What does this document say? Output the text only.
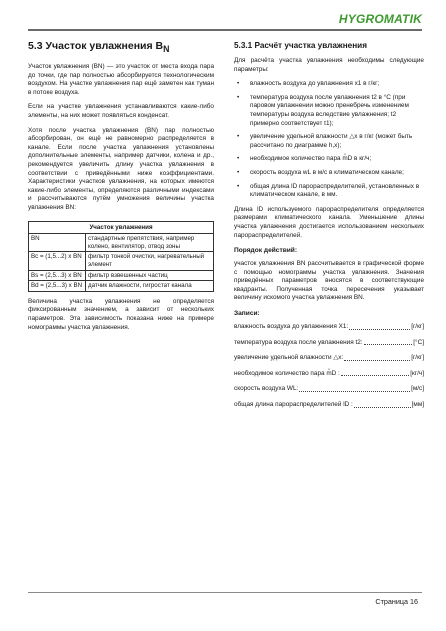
HYGROMATIK
5.3 Участок увлажнения $B_N$

Участок увлажнения (BN) — это участок от места входа пара до точки, где пар полностью абсорбируется технологическим воздухом. На участке увлажнения пар ещё заметен как туман в потоке воздуха.

Если на участке увлажнения устанавливаются какие-либо элементы, на них может появляться конденсат.

Хотя после участка увлажнения (BN) пар полностью абсорбирован, он ещё не равномерно распределяется в канале. Если после участка увлажнения установлены дополнительные элементы, например датчики, колена и др., рекомендуется увеличить длину участка увлажнения в соответствии с приведёнными ниже коэффициентами. Характеристики участков увлажнения, на которых имеются какие-либо элементы, определяются различными индексами и рассчитываются путём умножения величины участка увлажнения BN:

Участок увлажнения	
BN	стандартные препятствия, например колено, вентилятор, отвод зоны
Bc = (1,5...2) x BN	фильтр тонкой очистки, нагревательный элемент
Bs = (2,5...3) x BN	фильтр взвешенных частиц
Bd = (2,5...3) x BN	датчик влажности, гигростат канала

Величина участка увлажнения не определяется фиксированным значением, а зависит от нескольких параметров. Эта зависимость показана ниже на примере номограммы участка увлажнения.

5.3.1 Расчёт участка увлажнения

Для расчёта участка увлажнения необходимы следующие параметры:

• влажность воздуха до увлажнения x1 в г/кг;
• температура воздуха после увлажнения t2 в °C (при паровом увлажнении можно пренебречь изменением температуры воздуха вследствие увлажнения; t2 примерно соответствует t1);
• увеличение удельной влажности △x в г/кг (может быть рассчитано по диаграмме h,x);
• необходимое количество пара m̊D в кг/ч;
• скорость воздуха wL в м/с в климатическом канале;
• общая длина lD парораспределителей, установленных в климатическом канале, в мм.

Длина lD используемого парораспределителя определяется размерами климатического канала. Уменьшение длины участка увлажнения достигается использованием нескольких парораспределителей.

Порядок действий:

участок увлажнения BN рассчитывается в графической форме с помощью номограммы участка увлажнения. Значения приведённых параметров вносятся в соответствующие квадранты. Полученная точка пересечения указывает величину искомого участка увлажнения BN.

Записи:
влажность воздуха до увлажнения X1:	[г/кг]
температура воздуха после увлажнения t2:	[°C]
увеличение удельной влажности △x:	[г/кг]
необходимое количество пара m̊D :	[кг/ч]
скорость воздуха WL:	[м/с]
общая длина парораспределителей lD :	[мм]
Страница 16
